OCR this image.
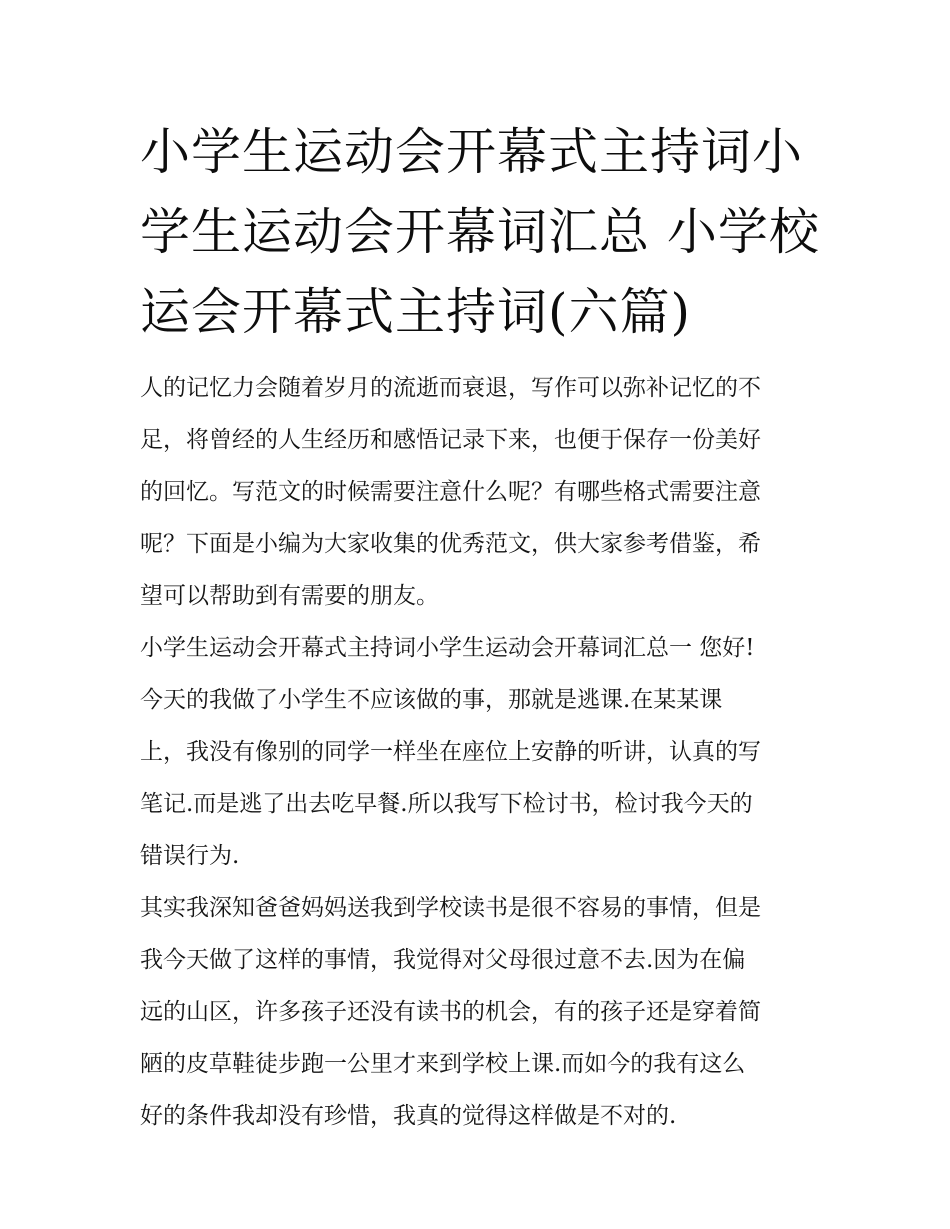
小学生运动会开幕式主持词小
学生运动会开幕词汇总 小学校
运会开幕式主持词(六篇)

人的记忆力会随着岁月的流逝而衰退，写作可以弥补记忆的不
足，将曾经的人生经历和感悟记录下来，也便于保存一份美好
的回忆。写范文的时候需要注意什么呢？有哪些格式需要注意
呢？下面是小编为大家收集的优秀范文，供大家参考借鉴，希
望可以帮助到有需要的朋友。

小学生运动会开幕式主持词小学生运动会开幕词汇总一 您好!
今天的我做了小学生不应该做的事，那就是逃课.在某某课
上，我没有像别的同学一样坐在座位上安静的听讲，认真的写
笔记.而是逃了出去吃早餐.所以我写下检讨书，检讨我今天的
错误行为.

其实我深知爸爸妈妈送我到学校读书是很不容易的事情，但是
我今天做了这样的事情，我觉得对父母很过意不去.因为在偏
远的山区，许多孩子还没有读书的机会，有的孩子还是穿着简
陋的皮草鞋徒步跑一公里才来到学校上课.而如今的我有这么
好的条件我却没有珍惜，我真的觉得这样做是不对的.
